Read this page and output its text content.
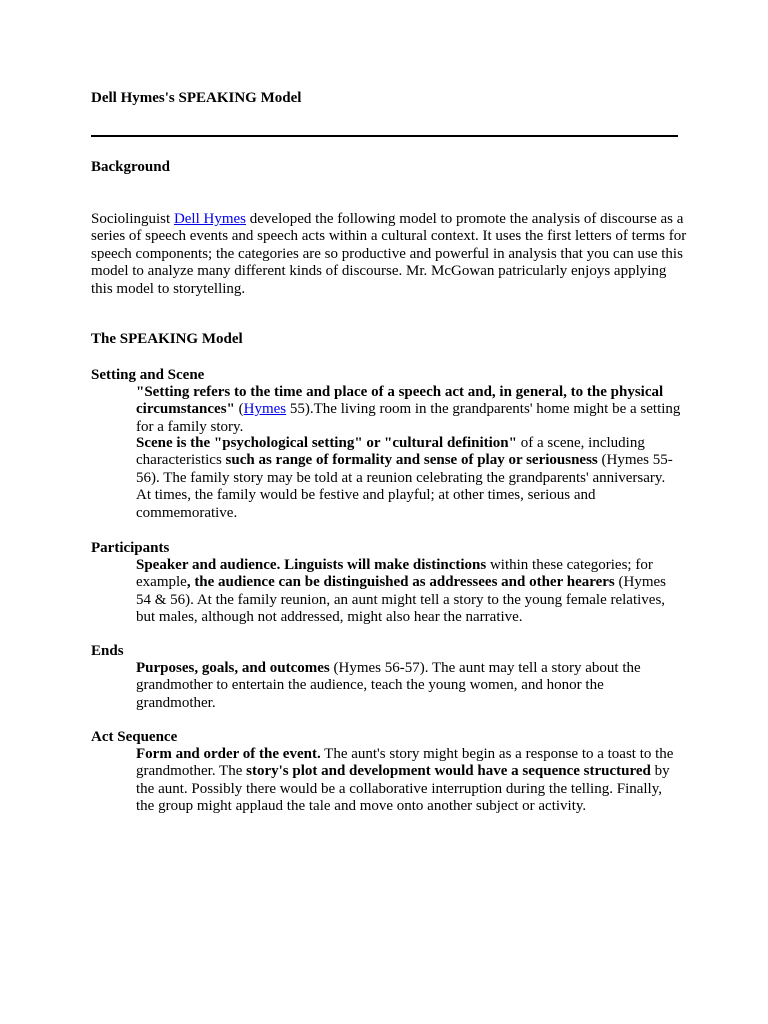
Dell Hymes's SPEAKING Model

Background

Sociolinguist Dell Hymes developed the following model to promote the analysis of discourse as a series of speech events and speech acts within a cultural context. It uses the first letters of terms for speech components; the categories are so productive and powerful in analysis that you can use this model to analyze many different kinds of discourse. Mr. McGowan patricularly enjoys applying this model to storytelling.

The SPEAKING Model

Setting and Scene

"Setting refers to the time and place of a speech act and, in general, to the physical circumstances" (Hymes 55).The living room in the grandparents' home might be a setting for a family story.

Scene is the "psychological setting" or "cultural definition" of a scene, including characteristics such as range of formality and sense of play or seriousness (Hymes 55-56). The family story may be told at a reunion celebrating the grandparents' anniversary. At times, the family would be festive and playful; at other times, serious and commemorative.

Participants

Speaker and audience. Linguists will make distinctions within these categories; for example, the audience can be distinguished as addressees and other hearers (Hymes 54 & 56). At the family reunion, an aunt might tell a story to the young female relatives, but males, although not addressed, might also hear the narrative.

Ends

Purposes, goals, and outcomes (Hymes 56-57). The aunt may tell a story about the grandmother to entertain the audience, teach the young women, and honor the grandmother.

Act Sequence

Form and order of the event. The aunt's story might begin as a response to a toast to the grandmother. The story's plot and development would have a sequence structured by the aunt. Possibly there would be a collaborative interruption during the telling. Finally, the group might applaud the tale and move onto another subject or activity.
